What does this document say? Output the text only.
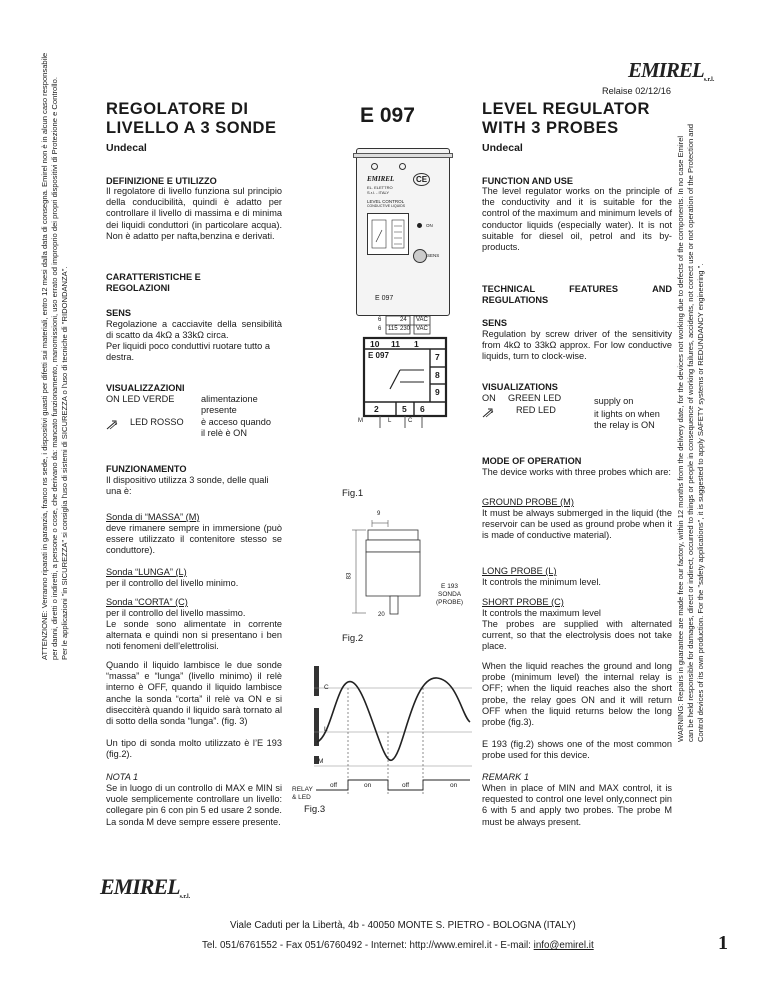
EMIRELs.r.l.
Relaise 02/12/16
REGOLATORE DI
LIVELLO A 3 SONDE
Undecal
E 097	LEVEL REGULATOR
WITH 3 PROBES
Undecal
ATTENZIONE: Verranno riparati in garanzia, franco ns sede, i dispositivi guasti per difetti sui materiali, entro 12 mesi dalla data di consegna. Emirel non è in alcun caso responsabile per danni, diretti o indiretti, a persone o cose, che derivano da: mancato funzionamento, manomissioni, uso errato od improprio dei propri dispositivi di Protezione e Controllo. Per le applicazioni "in SICUREZZA" si consiglia l'uso di sistemi di SICUREZZA o l'uso di tecniche di "RIDONDANZA".	WARNING: Repairs in guarantee are made free our factory, within 12 months from the delivery date, for the devices not working due to defects of the components. In no case Emirel can be held responsible for damages, direct or indirect, occurred to things or people in consequence of working failures, accidents, not correct use or not operation of the Protection and Control devices of its own production. For the "safety applications", it is suggested to apply SAFETY systems or REDUNDANCY engineering ".
DEFINIZIONE E UTILIZZO
Il regolatore di livello funziona sul principio della conducibilità, quindi è adatto per controllare il livello di massima e di minima dei liquidi conduttori (in particolare acqua). Non è adatto per nafta,benzina e derivati.
CARATTERISTICHE E
REGOLAZIONI
SENS
Regolazione a cacciavite della sensibilità di scatto da 4kΩ a 33kΩ circa.
Per liquidi poco conduttivi ruotare tutto a destra.
VISUALIZZAZIONI
ON LED VERDE	alimentazione
presente
LED ROSSO è acceso quando
il relè è ON
FUNZIONAMENTO
Il dispositivo utilizza 3 sonde, delle quali una è:
Sonda di “MASSA” (M)
deve rimanere sempre in immersione (può essere utilizzato il contenitore stesso se conduttore).
Sonda “LUNGA” (L)
per il controllo del livello minimo.
Sonda “CORTA” (C)
per il controllo del livello massimo.
Le sonde sono alimentate in corrente alternata e quindi non si presentano i ben noti fenomeni dell’elettrolisi.
Quando il liquido lambisce le due sonde “massa” e “lunga” (livello minimo) il relè interno è OFF, quando il liquido lambisce anche la sonda “corta” il relè va ON e si diseccitèrà quando il liquido sarà tornato al di sotto della sonda “lunga”. (fig. 3)
Un tipo di sonda molto utilizzato è l’E 193 (fig.2).
NOTA 1
Se in luogo di un controllo di MAX e MIN si vuole semplicemente controllare un livello: collegare pin 6 con pin 5 ed usare 2 sonde. La sonda M deve sempre essere presente.
FUNCTION AND USE
The level regulator works on the principle of the conductivity and it is suitable for the control of the maximum and minimum levels of conductor liquids (especially water). It is not suitable for diesel oil, petrol and its by-products.
TECHNICAL	FEATURES	AND
REGULATIONS
SENS
Regulation by screw driver of the sensitivity from 4kΩ to 33kΩ approx. For low conductive liquids, turn to clock-wise.
VISUALIZATIONS
ON GREEN LED	supply on
RED LED	it lights on when
the relay is ON
MODE OF OPERATION
The device works with three probes which are:
GROUND PROBE (M)
It must be always submerged in the liquid (the reservoir can be used as ground probe when it is made of conductive material).
LONG PROBE (L)
It controls the minimum level.
SHORT PROBE (C)
It controls the maximum level
The probes are supplied with alternated current, so that the electrolysis does not take place.
When the liquid reaches the ground and long probe (minimum level) the internal relay is OFF; when the liquid reaches also the short probe, the relay goes ON and it will return OFF when the liquid returns below the long probe (fig.3).
E 193 (fig.2) shows one of the most common probe used for this device.
REMARK 1
When in place of MIN and MAX control, it is requested to control one level only,connect pin 6 with 5 and apply two probes. The probe M must be always present.
EMIREL
EL. ELETTRO
S.r.l. - ITALY
CE
LEVEL CONTROL
CONDUCTIVE LIQUIDS
ON
SENS
E 097
6	24 VAC
6 115 230 VAC
10 11 1
E 097	7
8
9
2	5 6
M	L	C
Fig.1
9
83
E 193
SONDA
(PROBE)
20
Fig.2
C
L
M
off	on	off	on
RELAY
& LED
Fig.3
EMIRELs.r.l.
Viale Caduti per la Libertà, 4b - 40050 MONTE S. PIETRO - BOLOGNA (ITALY)
Tel. 051/6761552 - Fax 051/6760492 - Internet: http://www.emirel.it - E-mail: info@emirel.it	1
